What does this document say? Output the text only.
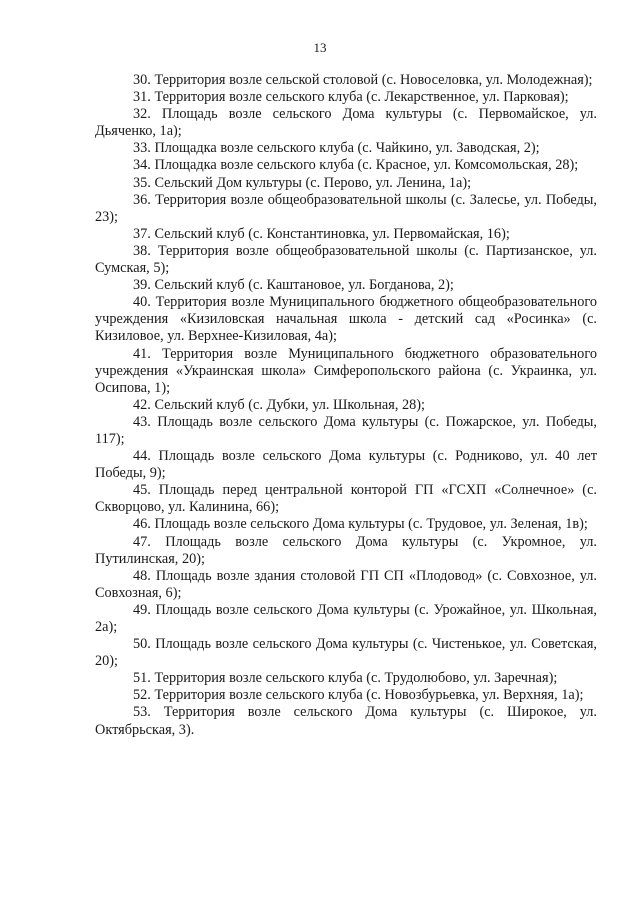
13

30. Территория возле сельской столовой (с. Новоселовка, ул. Молодежная);

31. Территория возле сельского клуба (с. Лекарственное, ул. Парковая);

32. Площадь возле сельского Дома культуры (с. Первомайское, ул. Дьяченко, 1а);

33. Площадка возле сельского клуба (с. Чайкино, ул. Заводская, 2);

34. Площадка возле сельского клуба (с. Красное, ул. Комсомольская, 28);

35. Сельский Дом культуры (с. Перово, ул. Ленина, 1а);

36. Территория возле общеобразовательной школы (с. Залесье, ул. Победы, 23);

37. Сельский клуб (с. Константиновка, ул. Первомайская, 16);

38. Территория возле общеобразовательной школы (с. Партизанское, ул. Сумская, 5);

39. Сельский клуб (с. Каштановое, ул. Богданова, 2);

40. Территория возле Муниципального бюджетного общеобразовательного учреждения «Кизиловская начальная школа - детский сад «Росинка» (с. Кизиловое, ул. Верхнее-Кизиловая, 4а);

41. Территория возле Муниципального бюджетного образовательного учреждения «Украинская школа» Симферопольского района (с. Украинка, ул. Осипова, 1);

42. Сельский клуб (с. Дубки, ул. Школьная, 28);

43. Площадь возле сельского Дома культуры (с. Пожарское, ул. Победы, 117);

44. Площадь возле сельского Дома культуры (с. Родниково, ул. 40 лет Победы, 9);

45. Площадь перед центральной конторой ГП «ГСХП «Солнечное» (с. Скворцово, ул. Калинина, 66);

46. Площадь возле сельского Дома культуры (с. Трудовое, ул. Зеленая, 1в);

47. Площадь возле сельского Дома культуры (с. Укромное, ул. Путилинская, 20);

48. Площадь возле здания столовой ГП СП «Плодовод» (с. Совхозное, ул. Совхозная, 6);

49. Площадь возле сельского Дома культуры (с. Урожайное, ул. Школьная, 2а);

50. Площадь возле сельского Дома культуры (с. Чистенькое, ул. Советская, 20);

51. Территория возле сельского клуба (с. Трудолюбово, ул. Заречная);

52. Территория возле сельского клуба (с. Новозбурьевка, ул. Верхняя, 1а);

53. Территория возле сельского Дома культуры (с. Широкое, ул. Октябрьская, 3).
